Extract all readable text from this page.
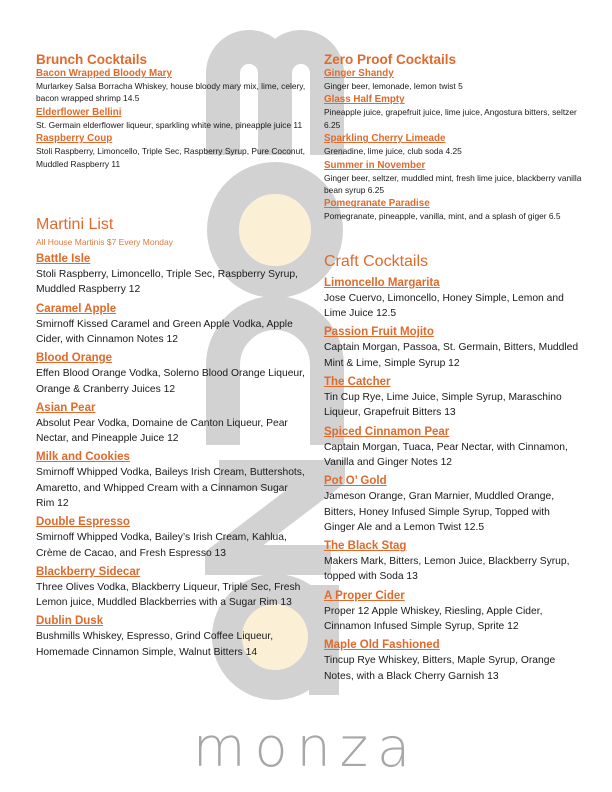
monza
Brunch Cocktails

Bacon Wrapped Bloody Mary

Murlarkey Salsa Borracha Whiskey, house bloody mary mix, lime, celery, bacon wrapped shrimp 14.5

Elderflower Bellini

St. Germain elderflower liqueur, sparkling white wine, pineapple juice 11

Raspberry Coup

Stoli Raspberry, Limoncello, Triple Sec, Raspberry Syrup, Pure Coconut, Muddled Raspberry 11

Martini List

All House Martinis $7 Every Monday

Battle Isle

Stoli Raspberry, Limoncello, Triple Sec, Raspberry Syrup, Muddled Raspberry 12

Caramel Apple

Smirnoff Kissed Caramel and Green Apple Vodka, Apple Cider, with Cinnamon Notes 12

Blood Orange

Effen Blood Orange Vodka, Solerno Blood Orange Liqueur, Orange & Cranberry Juices 12

Asian Pear

Absolut Pear Vodka, Domaine de Canton Liqueur, Pear Nectar, and Pineapple Juice 12

Milk and Cookies

Smirnoff Whipped Vodka, Baileys Irish Cream, Buttershots, Amaretto, and Whipped Cream with a Cinnamon Sugar Rim 12

Double Espresso

Smirnoff Whipped Vodka, Bailey’s Irish Cream, Kahlua, Crème de Cacao, and Fresh Espresso 13

Blackberry Sidecar

Three Olives Vodka, Blackberry Liqueur, Triple Sec, Fresh Lemon juice, Muddled Blackberries with a Sugar Rim 13

Dublin Dusk

Bushmills Whiskey, Espresso, Grind Coffee Liqueur, Homemade Cinnamon Simple, Walnut Bitters 14

Zero Proof Cocktails

Ginger Shandy

Ginger beer, lemonade, lemon twist 5

Glass Half Empty

Pineapple juice, grapefruit juice, lime juice, Angostura bitters, seltzer 6.25

Sparkling Cherry Limeade

Grenadine, lime juice, club soda 4.25

Summer in November

Ginger beer, seltzer, muddled mint, fresh lime juice, blackberry vanilla bean syrup 6.25

Pomegranate Paradise

Pomegranate, pineapple, vanilla, mint, and a splash of giger 6.5

Craft Cocktails

Limoncello Margarita

Jose Cuervo, Limoncello, Honey Simple, Lemon and Lime Juice 12.5

Passion Fruit Mojito

Captain Morgan, Passoa, St. Germain, Bitters, Muddled Mint & Lime, Simple Syrup 12

The Catcher

Tin Cup Rye, Lime Juice, Simple Syrup, Maraschino Liqueur, Grapefruit Bitters 13

Spiced Cinnamon Pear

Captain Morgan, Tuaca, Pear Nectar, with Cinnamon, Vanilla and Ginger Notes 12

Pot O’ Gold

Jameson Orange, Gran Marnier, Muddled Orange, Bitters, Honey Infused Simple Syrup, Topped with Ginger Ale and a Lemon Twist 12.5

The Black Stag

Makers Mark, Bitters, Lemon Juice, Blackberry Syrup, topped with Soda 13

A Proper Cider

Proper 12 Apple Whiskey, Riesling, Apple Cider, Cinnamon Infused Simple Syrup, Sprite 12

Maple Old Fashioned

Tincup Rye Whiskey, Bitters, Maple Syrup, Orange Notes, with a Black Cherry Garnish 13
